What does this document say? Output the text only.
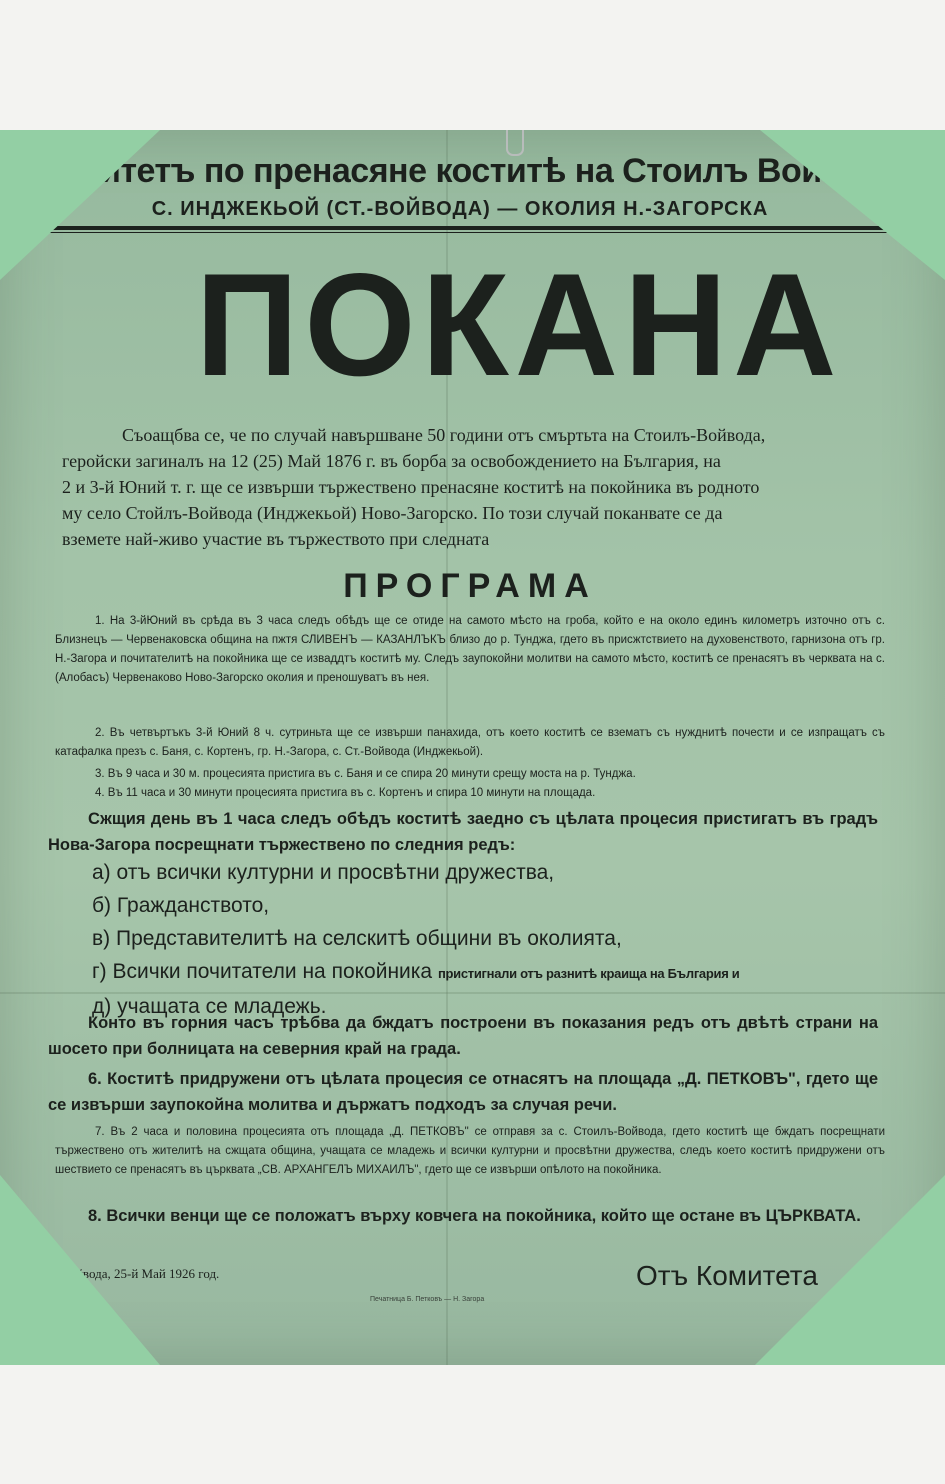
итетъ по пренасяне коститѣ на Стоилъ Войвода
С. ИНДЖЕКЬОЙ (СТ.-ВОЙВОДА) — ОКОЛИЯ Н.-ЗАГОРСКА
ПОКАНА
Съоащбва се, че по случай навършване 50 години отъ смъртьта на Стоилъ-Войвода,
геройски загиналъ на 12 (25) Май 1876 г. въ борба за освобождението на България, на
2 и 3-й Юний т. г. ще се извърши тържествено пренасяне коститѣ на покойника въ родното
му село Стойлъ-Войвода (Инджекьой) Ново-Загорско. По този случай поканвате се да
вземете най-живо участие въ тържеството при следната
ПРОГРАМА
1. На 3-йЮний въ срѣда въ 3 часа следъ обѣдъ ще се отиде на самото мѣсто на гроба, който е на около единъ километръ източно отъ с. Близнецъ — Червенаковска община на пжтя СЛИВЕНЪ — КАЗАНЛЪКЪ близо до р. Тунджа, гдето въ присжтствието на духовенството, гарнизона отъ гр. Н.-Загора и почитателитѣ на покойника ще се изваддтъ коститѣ му. Следъ заупокойни молитви на самото мѣсто, коститѣ се пренасятъ въ черквата на с. (Алобасъ) Червенаково Ново-Загорско околия и преношуватъ въ нея.
2. Въ четвъртъкъ 3-й Юний 8 ч. сутриньта ще се извърши панахида, отъ което коститѣ се взематъ съ нужднитѣ почести и се изпращатъ съ катафалка презъ с. Баня, с. Кортенъ, гр. Н.-Загора, с. Ст.-Войвода (Инджекьой).
3. Въ 9 часа и 30 м. процесията пристига въ с. Баня и се спира 20 минути срещу моста на р. Тунджа.
4. Въ 11 часа и 30 минути процесията пристига въ с. Кортенъ и спира 10 минути на площада.
Сжщия день въ 1 часа следъ обѣдъ коститѣ заедно съ цѣлата процесия пристигатъ въ градъ Нова-Загора посрещнати тържествено по следния редъ:
а) отъ всички културни и просвѣтни дружества,
б) Гражданството,
в) Представителитѣ на селскитѣ общини въ околията,
г) Всички почитатели на покойника пристигнали отъ разнитѣ краища на България и
д) учащата се младежь.
Конто въ горния часъ трѣбва да бждатъ построени въ показания редъ отъ двѣтѣ страни на шосето при болницата на северния край на града.
6. Коститѣ придружени отъ цѣлата процесия се отнасятъ на площада „Д. ПЕТКОВЪ", гдето ще се извърши заупокойна молитва и държатъ подходъ за случая речи.
7. Въ 2 часа и половина процесията отъ площада „Д. ПЕТКОВЪ" се отправя за с. Стоилъ-Войвода, гдето коститѣ ще бждатъ посрещнати тържествено отъ жителитѣ на сжщата община, учащата се младежь и всички културни и просвѣтни дружества, следъ което коститѣ придружени отъ шествието се пренасятъ въ църквата „СВ. АРХАНГЕЛЪ МИХАИЛЪ", гдето ще се извърши опѣлото на покойника.
8. Всички венци ще се положатъ върху ковчега на покойника, който ще остане въ ЦЪРКВАТА.
...ъ-Войвода, 25-й Май 1926 год.
Печатница Б. Петковъ — Н. Загора
Отъ Комитета
